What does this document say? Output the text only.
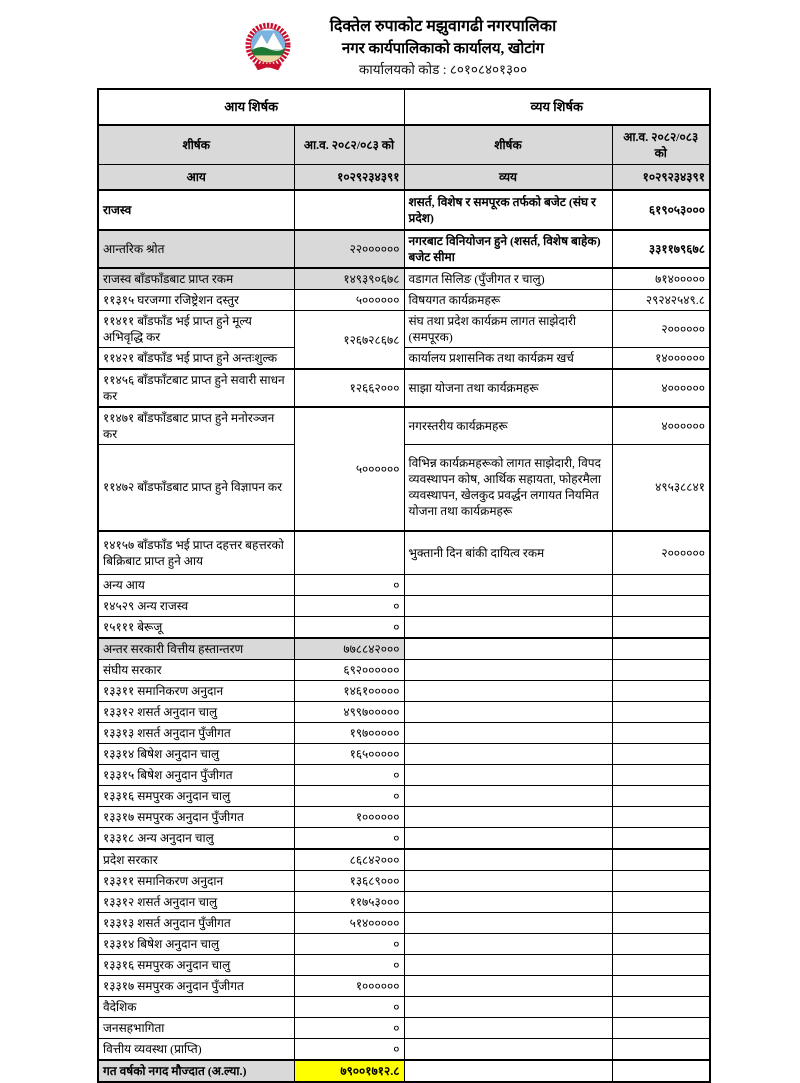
दिक्तेल रुपाकोट मझुवागढी नगरपालिका
नगर कार्यपालिकाको कार्यालय, खोटांग
कार्यालयको कोड : ८०१०८४०१३००
आय शिर्षक		व्यय शिर्षक	
शीर्षक	आ.व. २०८२/०८३ को	शीर्षक	आ.व. २०८२/०८३ को
आय	१०२९२३४३९१	व्यय	१०२९२३४३९१
राजस्व		शसर्त, विशेष र समपूरक तर्फको बजेट (संघ र प्रदेश)	६१९०५३०००
आन्तरिक श्रोत	२२००००००	नगरबाट विनियोजन हुने (शसर्त, विशेष बाहेक) बजेट सीमा	३३११७९६७८
राजस्व बाँडफाँडबाट प्राप्त रकम	१४९३९०६७८	वडागत सिलिङ (पुँजीगत र चालु)	७१४०००००
११३१५ घरजग्गा रजिष्ट्रेशन दस्तुर	५००००००	विषयगत कार्यक्रमहरू	२९२४२५४९.८
११४११ बाँडफाँड भई प्राप्त हुने मूल्य अभिवृद्धि कर	१२६७२८६७८	संघ तथा प्रदेश कार्यक्रम लागत साझेदारी (समपूरक)	२००००००
११४२१ बाँडफाँड भई प्राप्त हुने अन्तःशुल्क		कार्यालय प्रशासनिक तथा कार्यक्रम खर्च	१४००००००
११४५६ बाँडफाँटबाट प्राप्त हुने सवारी साधन कर	१२६६२०००	साझा योजना तथा कार्यक्रमहरू	४००००००
११४७१ बाँडफाँडबाट प्राप्त हुने मनोरञ्जन कर	५००००००	नगरस्तरीय कार्यक्रमहरू	४००००००
११४७२ बाँडफाँडबाट प्राप्त हुने विज्ञापन कर		विभिन्न कार्यक्रमहरूको लागत साझेदारी, विपद व्यवस्थापन कोष, आर्थिक सहायता, फोहरमैला व्यवस्थापन, खेलकुद प्रवर्द्धन लगायत नियमित योजना तथा कार्यक्रमहरू	४९५३८८४१
१४१५७ बाँडफाँड भई प्राप्त दहत्तर बहत्तरको बिक्रिबाट प्राप्त हुने आय		भुक्तानी दिन बांकी दायित्व रकम	२००००००
अन्य आय	०		
१४५२९ अन्य राजस्व	०		
१५१११ बेरूजू	०		
अन्तर सरकारी वित्तीय हस्तान्तरण	७७८८४२०००		
संघीय सरकार	६९२००००००		
१३३११ समानिकरण अनुदान	१४६१०००००		
१३३१२ शसर्त अनुदान चालु	४९९७०००००		
१३३१३ शसर्त अनुदान पुँजीगत	१९७०००००		
१३३१४ बिषेश अनुदान चालु	१६५०००००		
१३३१५ बिषेश अनुदान पुँजीगत	०		
१३३१६ समपुरक अनुदान चालु	०		
१३३१७ समपुरक अनुदान पुँजीगत	१००००००		
१३३१८ अन्य अनुदान चालु	०		
प्रदेश सरकार	८६८४२०००		
१३३११ समानिकरण अनुदान	१३६८९०००		
१३३१२ शसर्त अनुदान चालु	११७५३०००		
१३३१३ शसर्त अनुदान पुँजीगत	५१४०००००		
१३३१४ बिषेश अनुदान चालु	०		
१३३१६ समपुरक अनुदान चालु	०		
१३३१७ समपुरक अनुदान पुँजीगत	१००००००		
वैदेशिक	०		
जनसहभागिता	०		
वित्तीय व्यवस्था (प्राप्ति)	०		
गत वर्षको नगद मौज्दात (अ.ल्या.)	७९००१७१२.८		
